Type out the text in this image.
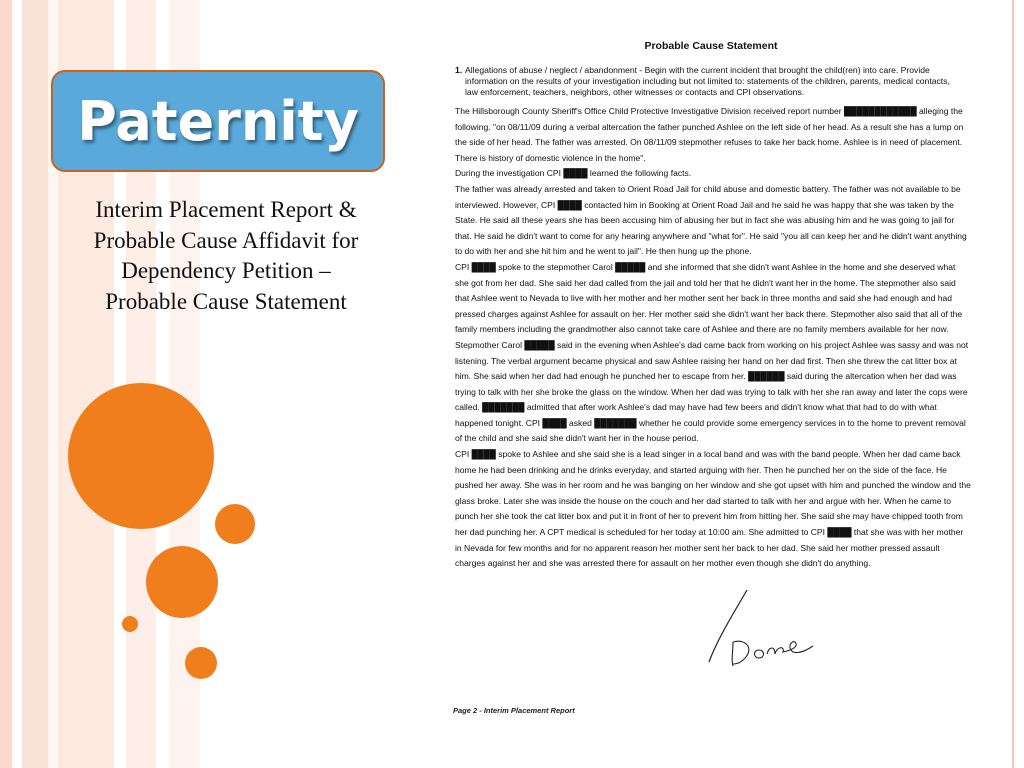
Paternity
Interim Placement Report & Probable Cause Affidavit for Dependency Petition – Probable Cause Statement
Probable Cause Statement
1. Allegations of abuse / neglect / abandonment - Begin with the current incident that brought the child(ren) into care. Provide information on the results of your investigation including but not limited to: statements of the children, parents, medical contacts, law enforcement, teachers, neighbors, other witnesses or contacts and CPI observations.

The Hillsborough County Sheriff's Office Child Protective Investigative Division received report number ████████████ alleging the following. "on 08/11/09 during a verbal altercation the father punched Ashlee on the left side of her head. As a result she has a lump on the side of her head. The father was arrested. On 08/11/09 stepmother refuses to take her back home. Ashlee is in need of placement. There is history of domestic violence in the home".

During the investigation CPI ████ learned the following facts.

The father was already arrested and taken to Orient Road Jail for child abuse and domestic battery. The father was not available to be interviewed. However, CPI ████ contacted him in Booking at Orient Road Jail and he said he was happy that she was taken by the State. He said all these years she has been accusing him of abusing her but in fact she was abusing him and he was going to jail for that. He said he didn't want to come for any hearing anywhere and "what for". He said "you all can keep her and he didn't want anything to do with her and she hit him and he went to jail". He then hung up the phone.

CPI ████ spoke to the stepmother Carol █████ and she informed that she didn't want Ashlee in the home and she deserved what she got from her dad. She said her dad called from the jail and told her that he didn't want her in the home. The stepmother also said that Ashlee went to Nevada to live with her mother and her mother sent her back in three months and said she had enough and had pressed charges against Ashlee for assault on her. Her mother said she didn't want her back there. Stepmother also said that all of the family members including the grandmother also cannot take care of Ashlee and there are no family members available for her now. Stepmother Carol █████ said in the evening when Ashlee's dad came back from working on his project Ashlee was sassy and was not listening. The verbal argument became physical and saw Ashlee raising her hand on her dad first. Then she threw the cat litter box at him. She said when her dad had enough he punched her to escape from her. ██████ said during the altercation when her dad was trying to talk with her she broke the glass on the window. When her dad was trying to talk with her she ran away and later the cops were called. ███████ admitted that after work Ashlee's dad may have had few beers and didn't know what that had to do with what happened tonight. CPI ████ asked ███████ whether he could provide some emergency services in to the home to prevent removal of the child and she said she didn't want her in the house period.

CPI ████ spoke to Ashlee and she said she is a lead singer in a local band and was with the band people. When her dad came back home he had been drinking and he drinks everyday, and started arguing with her. Then he punched her on the side of the face. He pushed her away. She was in her room and he was banging on her window and she got upset with him and punched the window and the glass broke. Later she was inside the house on the couch and her dad started to talk with her and argue with her. When he came to punch her she took the cat litter box and put it in front of her to prevent him from hitting her. She said she may have chipped tooth from her dad punching her. A CPT medical is scheduled for her today at 10:00 am. She admitted to CPI ████ that she was with her mother in Nevada for few months and for no apparent reason her mother sent her back to her dad. She said her mother pressed assault charges against her and she was arrested there for assault on her mother even though she didn't do anything.

Page 2 - Interim Placement Report
